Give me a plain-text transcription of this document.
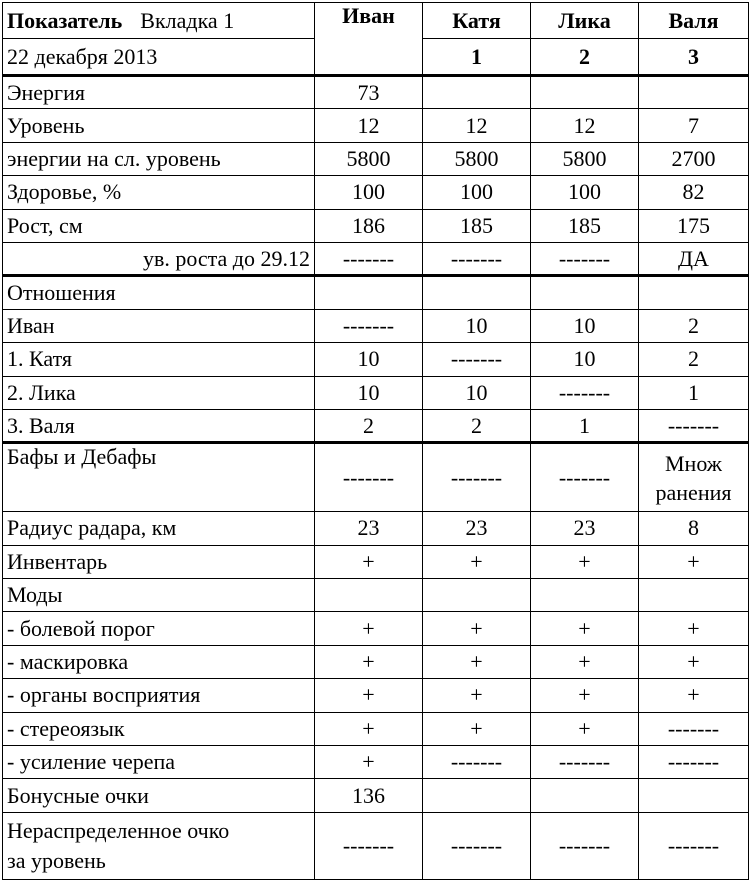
Показатель Вкладка 1	Иван	Катя	Лика	Валя
22 декабря 2013		1	2	3
Энергия	73			
Уровень	12	12	12	7
энергии на сл. уровень	5800	5800	5800	2700
Здоровье, %	100	100	100	82
Рост, см	186	185	185	175
ув. роста до 29.12	-------	-------	-------	ДА
Отношения				
Иван	-------	10	10	2
1. Катя	10	-------	10	2
2. Лика	10	10	-------	1
3. Валя	2	2	1	-------
Бафы и Дебафы	-------	-------	-------	Множ
ранения

Радиус радара, км	23	23	23	8
Инвентарь	+	+	+	+
Моды				
- болевой порог	+	+	+	+
- маскировка	+	+	+	+
- органы восприятия	+	+	+	+
- стереоязык	+	+	+	-------
- усиление черепа	+	-------	-------	-------
Бонусные очки	136			

Нераспределенное очко
за уровень	-------	-------	-------	-------
